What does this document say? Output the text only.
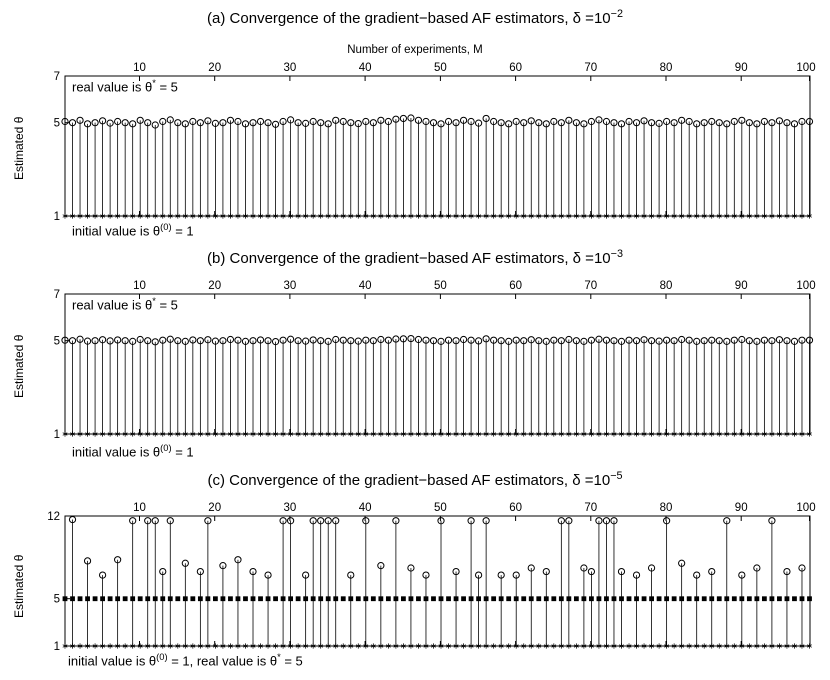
(a) Convergence of the gradient−based AF estimators, $\delta =10^{-2}$
Number of experiments, M
Estimated θ
10	20	30	40	50	60	70	80	90	100
7
5
1
real value is θ* = 5
initial value is $\theta^{(0)} = 1$
(b) Convergence of the gradient−based AF estimators, $\delta =10^{-3}$
Estimated θ
10	20	30	40	50	60	70	80	90	100
7
5
1
real value is θ* = 5
initial value is $\theta^{(0)} = 1$
(c) Convergence of the gradient−based AF estimators, $\delta =10^{-5}$
Estimated θ
10	20	30	40	50	60	70	80	90	100
12
5
1
initial value is $\theta^{(0)} = 1$, real value is θ* = 5
